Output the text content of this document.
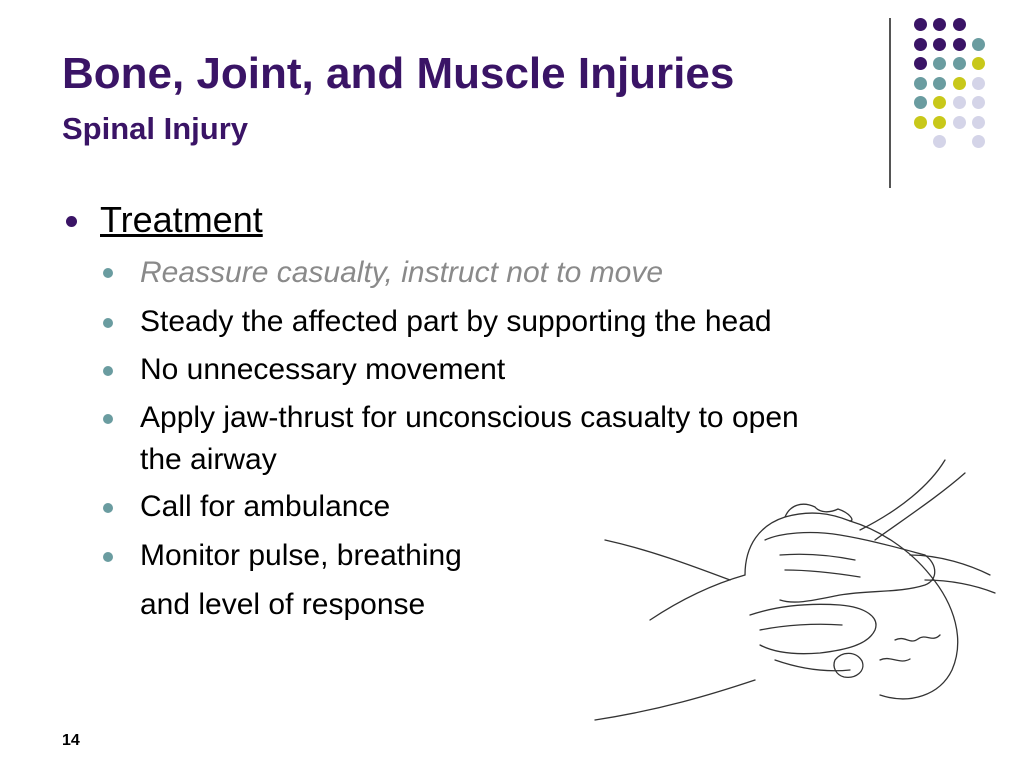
Bone, Joint, and Muscle Injuries
Spinal Injury
Treatment
Reassure casualty, instruct not to move
Steady the affected part by supporting the head
No unnecessary movement
Apply jaw-thrust for unconscious casualty to open
the airway
Call for ambulance
Monitor pulse, breathing
and level of response
14
